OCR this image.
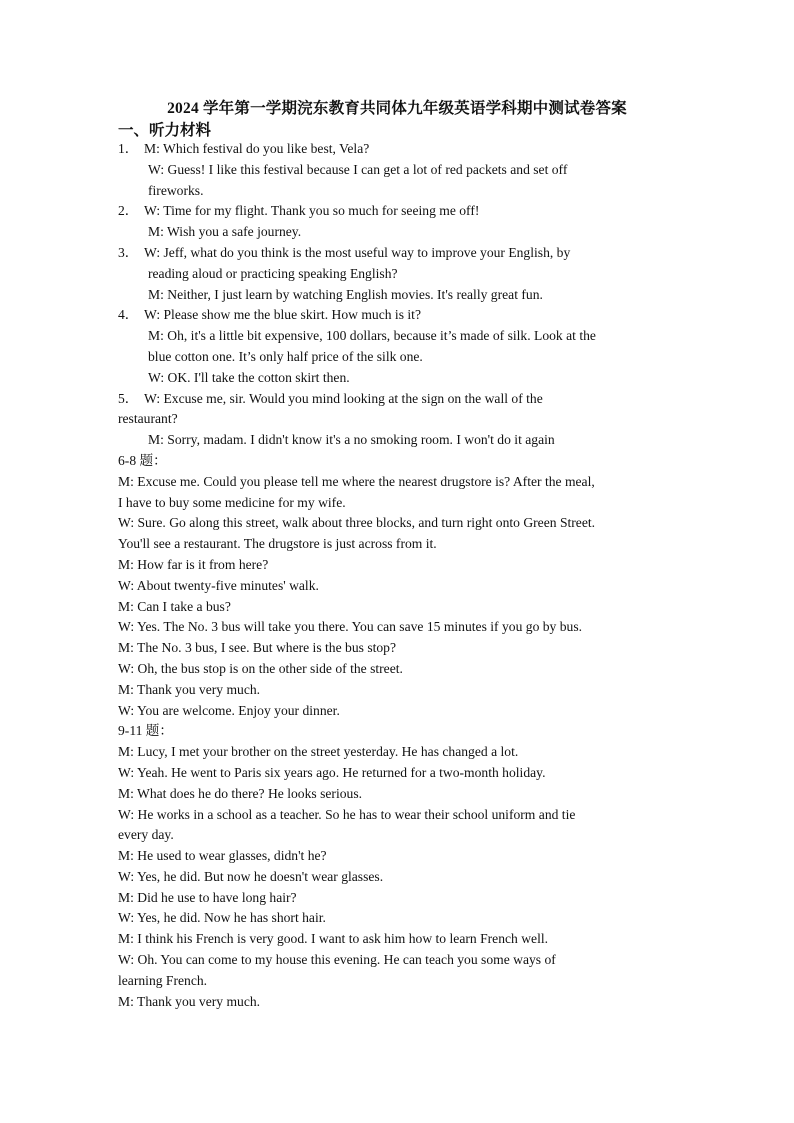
2024 学年第一学期浣东教育共同体九年级英语学科期中测试卷答案
一、听力材料
1． M: Which festival do you like best, Vela?
W: Guess! I like this festival because I can get a lot of red packets and set off
fireworks.
2． W: Time for my flight. Thank you so much for seeing me off!
M: Wish you a safe journey.
3． W: Jeff, what do you think is the most useful way to improve your English, by
reading aloud or practicing speaking English?
M: Neither, I just learn by watching English movies. It's really great fun.
4． W: Please show me the blue skirt. How much is it?
M: Oh, it's a little bit expensive, 100 dollars, because it’s made of silk. Look at the
blue cotton one. It’s only half price of the silk one.
W: OK. I'll take the cotton skirt then.
5． W: Excuse me, sir. Would you mind looking at the sign on the wall of the
restaurant?
M: Sorry, madam. I didn't know it's a no smoking room. I won't do it again
6-8 题：
M: Excuse me. Could you please tell me where the nearest drugstore is? After the meal,
I have to buy some medicine for my wife.
W: Sure. Go along this street, walk about three blocks, and turn right onto Green Street.
You'll see a restaurant. The drugstore is just across from it.
M: How far is it from here?
W: About twenty-five minutes' walk.
M: Can I take a bus?
W: Yes. The No. 3 bus will take you there. You can save 15 minutes if you go by bus.
M: The No. 3 bus, I see. But where is the bus stop?
W: Oh, the bus stop is on the other side of the street.
M: Thank you very much.
W: You are welcome. Enjoy your dinner.
9-11 题：
M: Lucy, I met your brother on the street yesterday. He has changed a lot.
W: Yeah. He went to Paris six years ago. He returned for a two-month holiday.
M: What does he do there? He looks serious.
W: He works in a school as a teacher. So he has to wear their school uniform and tie
every day.
M: He used to wear glasses, didn't he?
W: Yes, he did. But now he doesn't wear glasses.
M: Did he use to have long hair?
W: Yes, he did. Now he has short hair.
M: I think his French is very good. I want to ask him how to learn French well.
W: Oh. You can come to my house this evening. He can teach you some ways of
learning French.
M: Thank you very much.
